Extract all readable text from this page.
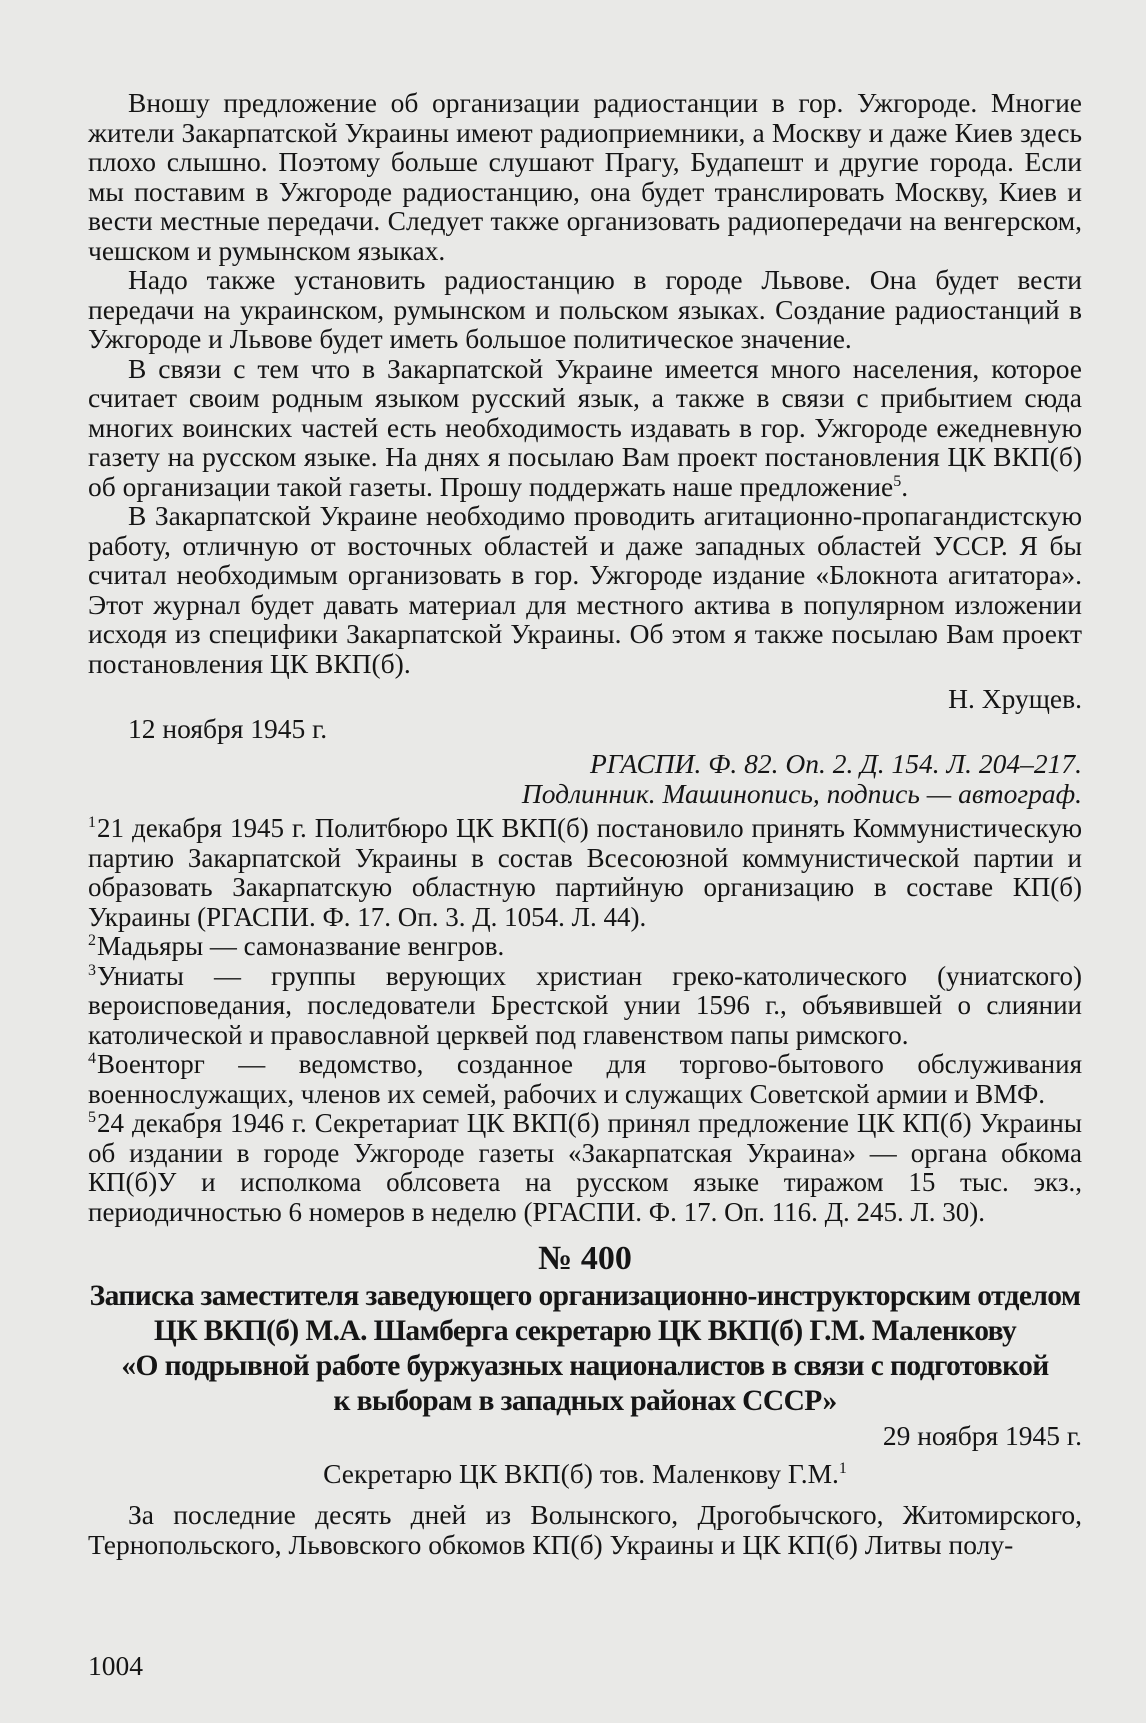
Вношу предложение об организации радиостанции в гор. Ужгороде. Многие жители Закарпатской Украины имеют радиоприемники, а Москву и даже Киев здесь плохо слышно. Поэтому больше слушают Прагу, Будапешт и другие города. Если мы поставим в Ужгороде радиостанцию, она будет транслировать Москву, Киев и вести местные передачи. Следует также организовать радиопередачи на венгерском, чешском и румынском языках.

Надо также установить радиостанцию в городе Львове. Она будет вести передачи на украинском, румынском и польском языках. Создание радиостанций в Ужгороде и Львове будет иметь большое политическое значение.

В связи с тем что в Закарпатской Украине имеется много населения, которое считает своим родным языком русский язык, а также в связи с прибытием сюда многих воинских частей есть необходимость издавать в гор. Ужгороде ежедневную газету на русском языке. На днях я посылаю Вам проект постановления ЦК ВКП(б) об организации такой газеты. Прошу поддержать наше предложение$^5$.

В Закарпатской Украине необходимо проводить агитационно-пропагандистскую работу, отличную от восточных областей и даже западных областей УССР. Я бы считал необходимым организовать в гор. Ужгороде издание «Блокнота агитатора». Этот журнал будет давать материал для местного актива в популярном изложении исходя из специфики Закарпатской Украины. Об этом я также посылаю Вам проект постановления ЦК ВКП(б).

Н. Хрущев.

12 ноября 1945 г.

РГАСПИ. Ф. 82. Оп. 2. Д. 154. Л. 204–217.

Подлинник. Машинопись, подпись — автограф.

$^1$21 декабря 1945 г. Политбюро ЦК ВКП(б) постановило принять Коммунистическую партию Закарпатской Украины в состав Всесоюзной коммунистической партии и образовать Закарпатскую областную партийную организацию в составе КП(б) Украины (РГАСПИ. Ф. 17. Оп. 3. Д. 1054. Л. 44).

$^2$Мадьяры — самоназвание венгров.

$^3$Униаты — группы верующих христиан греко-католического (униатского) вероисповедания, последователи Брестской унии 1596 г., объявившей о слиянии католической и православной церквей под главенством папы римского.

$^4$Военторг — ведомство, созданное для торгово-бытового обслуживания военнослужащих, членов их семей, рабочих и служащих Советской армии и ВМФ.

$^5$24 декабря 1946 г. Секретариат ЦК ВКП(б) принял предложение ЦК КП(б) Украины об издании в городе Ужгороде газеты «Закарпатская Украина» — органа обкома КП(б)У и исполкома облсовета на русском языке тиражом 15 тыс. экз., периодичностью 6 номеров в неделю (РГАСПИ. Ф. 17. Оп. 116. Д. 245. Л. 30).

№ 400
Записка заместителя заведующего организационно-инструкторским отделом
ЦК ВКП(б) М.А. Шамберга секретарю ЦК ВКП(б) Г.М. Маленкову
«О подрывной работе буржуазных националистов в связи с подготовкой
к выборам в западных районах СССР»

29 ноября 1945 г.

Секретарю ЦК ВКП(б) тов. Маленкову Г.М.$^1$

За последние десять дней из Волынского, Дрогобычского, Житомирского, Тернопольского, Львовского обкомов КП(б) Украины и ЦК КП(б) Литвы полу-

1004
